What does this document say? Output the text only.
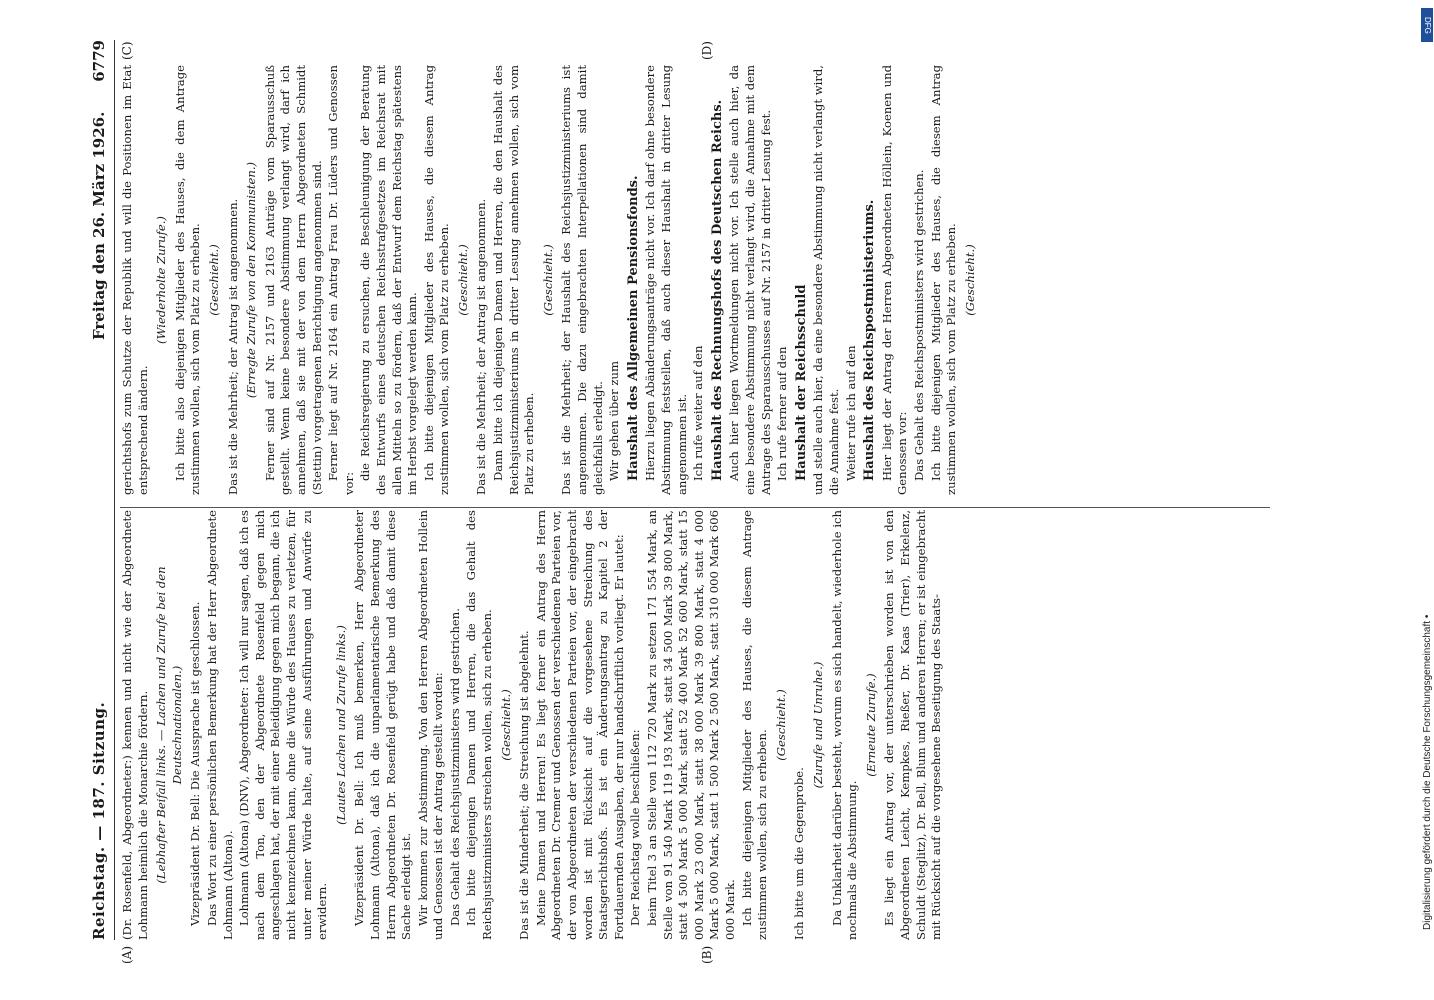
DFG
Digitalisierung gefördert durch die Deutsche Forschungsgemeinschaft •
Reichstag. — 187. Sitzung.
Freitag den 26. März 1926.
6779
(A)	(B)
(C)	(D)

(Dr. Rosenfeld, Abgeordneter:) kennen und nicht wie der Abgeordnete Lohmann heimlich die Monarchie fördern. (Lebhafter Beifall links. — Lachen und Zurufe bei den Deutschnationalen.) Vizepräsident Dr. Bell: Die Aussprache ist geschlossen. Das Wort zu einer persönlichen Bemerkung hat der Herr Abgeordnete Lohmann (Altona). Lohmann (Altona) (DNV), Abgeordneter: Ich will nur sagen, daß ich es nach dem Ton, den der Abgeordnete Rosenfeld gegen mich angeschlagen hat, der mit einer Beleidigung gegen mich begann, die ich nicht kennzeichnen kann, ohne die Würde des Hauses zu verletzen, für unter meiner Würde halte, auf seine Ausführungen und Anwürfe zu erwidern.

(Lautes Lachen und Zurufe links.) Vizepräsident Dr. Bell: Ich muß bemerken, Herr Abgeordneter Lohmann (Altona), daß ich die unparlamentarische Bemerkung des Herrn Abgeordneten Dr. Rosenfeld gerügt habe und daß damit diese Sache erledigt ist. Wir kommen zur Abstimmung. Von den Herren Abgeordneten Hollein und Genossen ist der Antrag gestellt worden: Das Gehalt des Reichsjustizministers wird gestrichen. Ich bitte diejenigen Damen und Herren, die das Gehalt des Reichsjustizministers streichen wollen, sich zu erheben. (Geschieht.) Das ist die Minderheit; die Streichung ist abgelehnt. Meine Damen und Herren! Es liegt ferner ein Antrag des Herrn Abgeordneten Dr. Cremer und Genossen der verschiedenen Parteien vor, der von Abgeordneten der verschiedenen Parteien vor, der eingebracht worden ist mit Rücksicht auf die vorgesehene Streichung des Staatsgerichtshofs. Es ist ein Änderungsantrag zu Kapitel 2 der Fortdauernden Ausgaben, der nur handschriftlich vorliegt. Er lautet: Der Reichstag wolle beschließen: beim Titel 3 an Stelle von 112 720 Mark zu setzen 171 554 Mark, an Stelle von 91 540 Mark 119 193 Mark, statt 34 500 Mark 39 800 Mark, statt 4 500 Mark 5 000 Mark, statt 52 400 Mark 52 600 Mark, statt 15 000 Mark 23 000 Mark, statt 38 000 Mark 39 800 Mark, statt 4 000 Mark 5 000 Mark, statt 1 500 Mark 2 500 Mark, statt 310 000 Mark 606 000 Mark. Ich bitte diejenigen Mitglieder des Hauses, die diesem Antrage zustimmen wollen, sich zu erheben.

(Geschieht.)

Ich bitte um die Gegenprobe.

(Zurufe und Unruhe.) Da Unklarheit darüber besteht, worum es sich handelt, wiederhole ich nochmals die Abstimmung.

(Erneute Zurufe.) Es liegt ein Antrag vor, der unterschrieben worden ist von den Abgeordneten Leicht, Kempkes, Rießer, Dr. Kaas (Trier), Erkelenz, Schuldt (Steglitz), Dr. Bell, Blum und anderen Herren; er ist eingebracht mit Rücksicht auf die vorgesehene Beseitigung des Staats-

gerichtshofs zum Schutze der Republik und will die Positionen im Etat entsprechend ändern.

(Wiederholte Zurufe.) Ich bitte also diejenigen Mitglieder des Hauses, die dem Antrage zustimmen wollen, sich vom Platz zu erheben. (Geschieht.) Das ist die Mehrheit; der Antrag ist angenommen. (Erregte Zurufe von den Kommunisten.) Ferner sind auf Nr. 2157 und 2163 Anträge vom Sparausschuß gestellt. Wenn keine besondere Abstimmung verlangt wird, darf ich annehmen, daß sie mit der von dem Herrn Abgeordneten Schmidt (Stettin) vorgetragenen Berichtigung angenommen sind. Ferner liegt auf Nr. 2164 ein Antrag Frau Dr. Lüders und Genossen vor:

die Reichsregierung zu ersuchen, die Beschleunigung der Beratung des Entwurfs eines deutschen Reichsstrafgesetzes im Reichsrat mit allen Mitteln so zu fördern, daß der Entwurf dem Reichstag spätestens im Herbst vorgelegt werden kann. Ich bitte diejenigen Mitglieder des Hauses, die diesem Antrag zustimmen wollen, sich vom Platz zu erheben. (Geschieht.) Das ist die Mehrheit; der Antrag ist angenommen. Dann bitte ich diejenigen Damen und Herren, die den Haushalt des Reichsjustizministeriums in dritter Lesung annehmen wollen, sich vom Platz zu erheben.

(Geschieht.) Das ist die Mehrheit; der Haushalt des Reichsjustizministeriums ist angenommen. Die dazu eingebrachten Interpellationen sind damit gleichfalls erledigt. Wir gehen über zum Haushalt des Allgemeinen Pensionsfonds. Hierzu liegen Abänderungsanträge nicht vor. Ich darf ohne besondere Abstimmung feststellen, daß auch dieser Haushalt in dritter Lesung angenommen ist. Ich rufe weiter auf den Haushalt des Rechnungshofs des Deutschen Reichs. Auch hier liegen Wortmeldungen nicht vor. Ich stelle auch hier, da eine besondere Abstimmung nicht verlangt wird, die Annahme mit dem Antrage des Sparausschusses auf Nr. 2157 in dritter Lesung fest. Ich rufe ferner auf den Haushalt der Reichsschuld und stelle auch hier, da eine besondere Abstimmung nicht verlangt wird, die Annahme fest. Weiter rufe ich auf den Haushalt des Reichspostministeriums. Hier liegt der Antrag der Herren Abgeordneten Höllein, Koenen und Genossen vor: Das Gehalt des Reichspostministers wird gestrichen. Ich bitte diejenigen Mitglieder des Hauses, die diesem Antrag zustimmen wollen, sich vom Platz zu erheben. (Geschieht.)
